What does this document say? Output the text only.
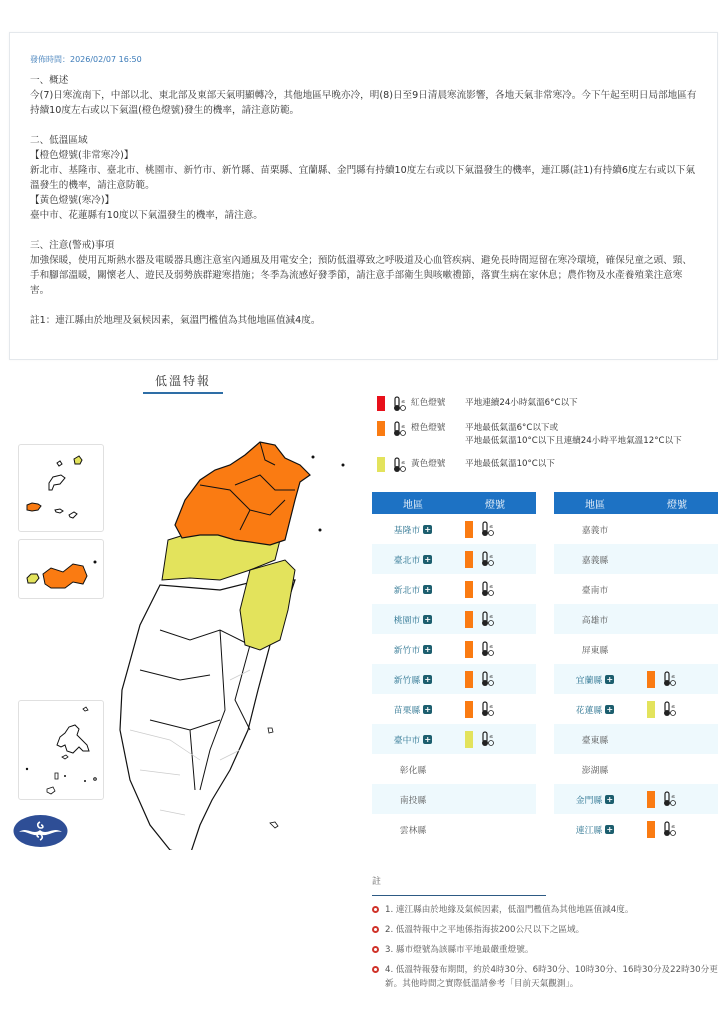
發佈時間：2026/02/07 16:50

一、概述

今(7)日寒流南下，中部以北、東北部及東部天氣明顯轉冷，其他地區早晚亦冷，明(8)日至9日清晨寒流影響，各地天氣非常寒冷。今下午起至明日局部地區有持續10度左右或以下氣溫(橙色燈號)發生的機率，請注意防範。

二、低溫區域

【橙色燈號(非常寒冷)】

新北市、基隆市、臺北市、桃園市、新竹市、新竹縣、苗栗縣、宜蘭縣、金門縣有持續10度左右或以下氣溫發生的機率，連江縣(註1)有持續6度左右或以下氣溫發生的機率，請注意防範。

【黃色燈號(寒冷)】

臺中市、花蓮縣有10度以下氣溫發生的機率，請注意。

三、注意(警戒)事項

加強保暖，使用瓦斯熱水器及電暖器具應注意室內通風及用電安全；預防低溫導致之呼吸道及心血管疾病、避免長時間逗留在寒冷環境，確保兒童之頭、頸、手和腳部溫暖，關懷老人、遊民及弱勢族群避寒措施；冬季為流感好發季節，請注意手部衛生與咳嗽禮節，落實生病在家休息；農作物及水產養殖業注意寒害。

註1：連江縣由於地理及氣候因素，氣溫門檻值為其他地區值減4度。

低溫特報
≤ 紅色燈號	平地連續24小時氣溫6°C以下
≤ 橙色燈號	平地最低氣溫6°C以下或
平地最低氣溫10°C以下且連續24小時平地氣溫12°C以下
≤ 黃色燈號	平地最低氣溫10°C以下
地區	燈號
基隆市 +	≤
臺北市 +	≤
新北市 +	≤
桃園市 +	≤
新竹市 +	≤
新竹縣 +	≤
苗栗縣 +	≤
臺中市 +	≤
彰化縣
南投縣
雲林縣
地區	燈號
嘉義市
嘉義縣
臺南市
高雄市
屏東縣
宜蘭縣 +	≤
花蓮縣 +	≤
臺東縣
澎湖縣
金門縣 +	≤
連江縣 +	≤
註
1. 連江縣由於地緣及氣候因素，低溫門檻值為其他地區值減4度。
2. 低溫特報中之平地係指海拔200公尺以下之區域。
3. 縣市燈號為該縣市平地最嚴重燈號。
4. 低溫特報發布期間，約於4時30分、6時30分、10時30分、16時30分及22時30分更新。其他時間之實際低溫請參考「目前天氣觀測」。
